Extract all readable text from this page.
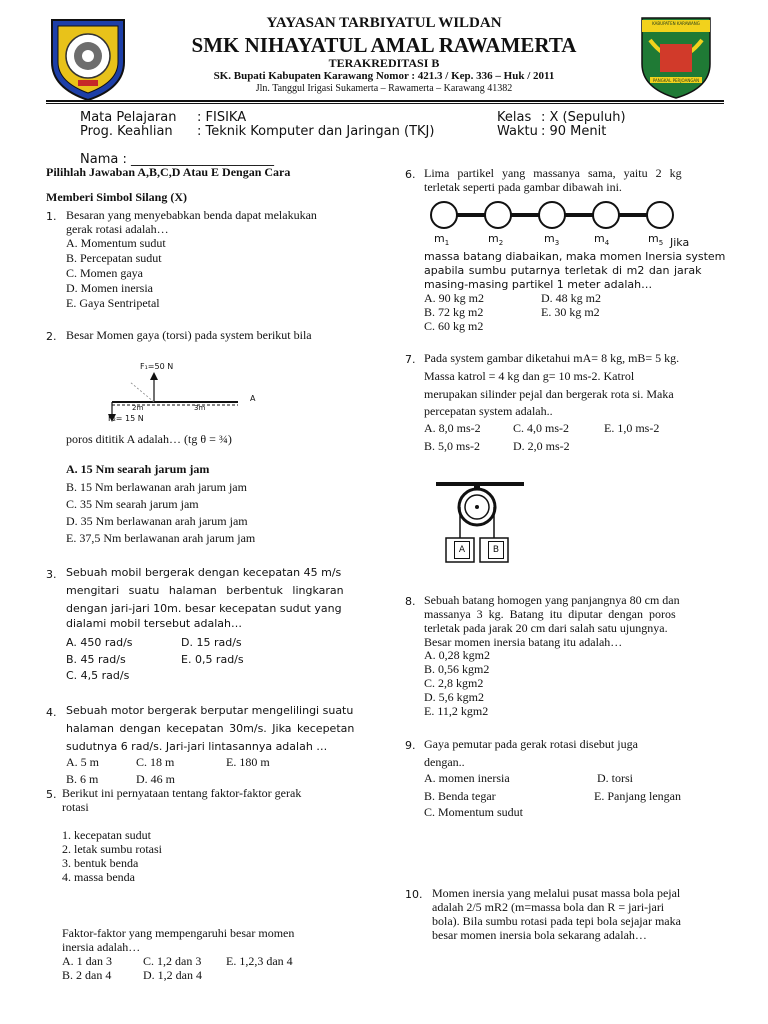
KABUPATEN KARAWANG
PANGKAL PERJOANGAN
YAYASAN TARBIYATUL WILDAN
SMK NIHAYATUL AMAL RAWAMERTA
TERAKREDITASI B
SK. Bupati Kabupaten Karawang Nomor : 421.3 / Kep. 336 – Huk / 2011
Jln. Tanggul Irigasi Sukamerta – Rawamerta – Karawang 41382
Mata Pelajaran : FISIKA
Prog. Keahlian : Teknik Komputer dan Jaringan (TKJ)
Kelas : X (Sepuluh)
Waktu : 90 Menit
Nama : ______________________
Pilihlah Jawaban A,B,C,D Atau E Dengan Cara
Memberi Simbol Silang (X)
1. Besaran yang menyebabkan benda dapat melakukan
gerak rotasi adalah…
A. Momentum sudut
B. Percepatan sudut
C. Momen gaya
D. Momen inersia
E. Gaya Sentripetal
2. Besar Momen gaya (torsi) pada system berikut bila
F₁=50 N
F₂= 15 N
2m	3m
A
poros dititik A adalah… (tg θ = ¾)
A. 15 Nm searah jarum jam
B. 15 Nm berlawanan arah jarum jam
C. 35 Nm searah jarum jam
D. 35 Nm berlawanan arah jarum jam
E. 37,5 Nm berlawanan arah jarum jam
3. Sebuah mobil bergerak dengan kecepatan 45 m/s
mengitari suatu halaman berbentuk lingkaran
dengan jari-jari 10m. besar kecepatan sudut yang
dialami mobil tersebut adalah…
A. 450 rad/s	D. 15 rad/s
B. 45 rad/s	E. 0,5 rad/s
C. 4,5 rad/s
4. Sebuah motor bergerak berputar mengelilingi suatu
halaman dengan kecepatan 30m/s. Jika kecepetan
sudutnya 6 rad/s. Jari-jari lintasannya adalah …
A. 5 m	C. 18 m	E. 180 m
B. 6 m	D. 46 m
5. Berikut ini pernyataan tentang faktor-faktor gerak
rotasi
1. kecepatan sudut
2. letak sumbu rotasi
3. bentuk benda
4. massa benda
Faktor-faktor yang mempengaruhi besar momen
inersia adalah…
A. 1 dan 3	C. 1,2 dan 3 E. 1,2,3 dan 4
B. 2 dan 4	D. 1,2 dan 4
6. Lima partikel yang massanya sama, yaitu 2 kg
terletak seperti pada gambar dibawah ini.
$m_1$	$m_2$	$m_3$	$m_4$	$m_5$ Jika
massa batang diabaikan, maka momen Inersia system
apabila sumbu putarnya terletak di m2 dan jarak
masing-masing partikel 1 meter adalah…
A. 90 kg m2	D. 48 kg m2
B. 72 kg m2	E. 30 kg m2
C. 60 kg m2
7. Pada system gambar diketahui mA= 8 kg, mB= 5 kg.
Massa katrol = 4 kg dan g= 10 ms-2. Katrol
merupakan silinder pejal dan bergerak rota si. Maka
percepatan system adalah..
A. 8,0 ms-2	C. 4,0 ms-2	E. 1,0 ms-2
B. 5,0 ms-2	D. 2,0 ms-2
A	B
8. Sebuah batang homogen yang panjangnya 80 cm dan
massanya 3 kg. Batang itu diputar dengan poros
terletak pada jarak 20 cm dari salah satu ujungnya.
Besar momen inersia batang itu adalah…
A. 0,28 kgm2
B. 0,56 kgm2
C. 2,8 kgm2
D. 5,6 kgm2
E. 11,2 kgm2
9. Gaya pemutar pada gerak rotasi disebut juga
dengan..
A. momen inersia	D. torsi
B. Benda tegar	E. Panjang lengan
C. Momentum sudut
10. Momen inersia yang melalui pusat massa bola pejal
adalah 2/5 mR2 (m=massa bola dan R = jari-jari
bola). Bila sumbu rotasi pada tepi bola sejajar maka
besar momen inersia bola sekarang adalah…
